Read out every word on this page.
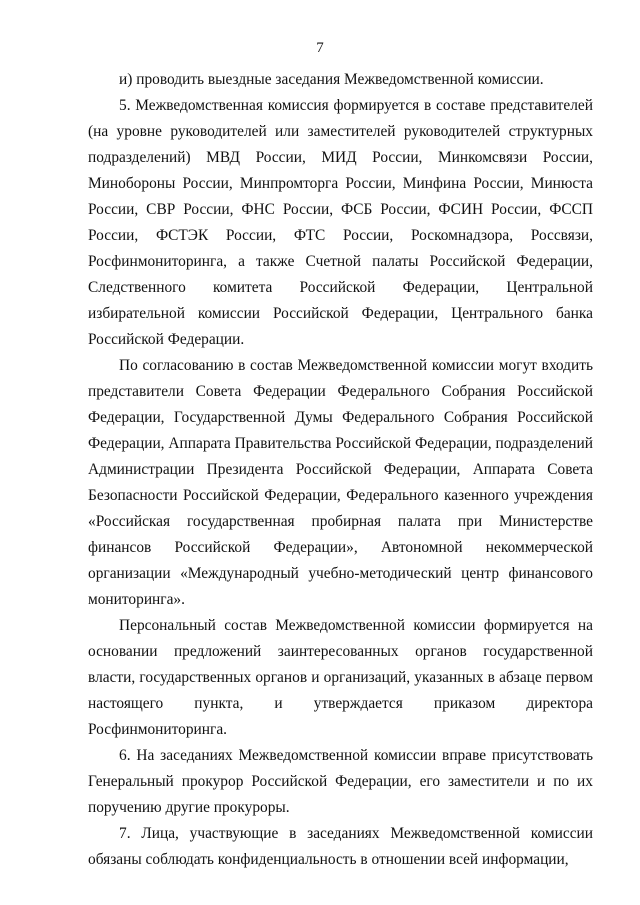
7

и) проводить выездные заседания Межведомственной комиссии.

5. Межведомственная комиссия формируется в составе представителей (на уровне руководителей или заместителей руководителей структурных подразделений) МВД России, МИД России, Минкомсвязи России, Минобороны России, Минпромторга России, Минфина России, Минюста России, СВР России, ФНС России, ФСБ России, ФСИН России, ФССП России, ФСТЭК России, ФТС России, Роскомнадзора, Россвязи, Росфинмониторинга, а также Счетной палаты Российской Федерации, Следственного комитета Российской Федерации, Центральной избирательной комиссии Российской Федерации, Центрального банка Российской Федерации.

По согласованию в состав Межведомственной комиссии могут входить представители Совета Федерации Федерального Собрания Российской Федерации, Государственной Думы Федерального Собрания Российской Федерации, Аппарата Правительства Российской Федерации, подразделений Администрации Президента Российской Федерации, Аппарата Совета Безопасности Российской Федерации, Федерального казенного учреждения «Российская государственная пробирная палата при Министерстве финансов Российской Федерации», Автономной некоммерческой организации «Международный учебно-методический центр финансового мониторинга».

Персональный состав Межведомственной комиссии формируется на основании предложений заинтересованных органов государственной власти, государственных органов и организаций, указанных в абзаце первом настоящего пункта, и утверждается приказом директора Росфинмониторинга.

6. На заседаниях Межведомственной комиссии вправе присутствовать Генеральный прокурор Российской Федерации, его заместители и по их поручению другие прокуроры.

7. Лица, участвующие в заседаниях Межведомственной комиссии обязаны соблюдать конфиденциальность в отношении всей информации,
